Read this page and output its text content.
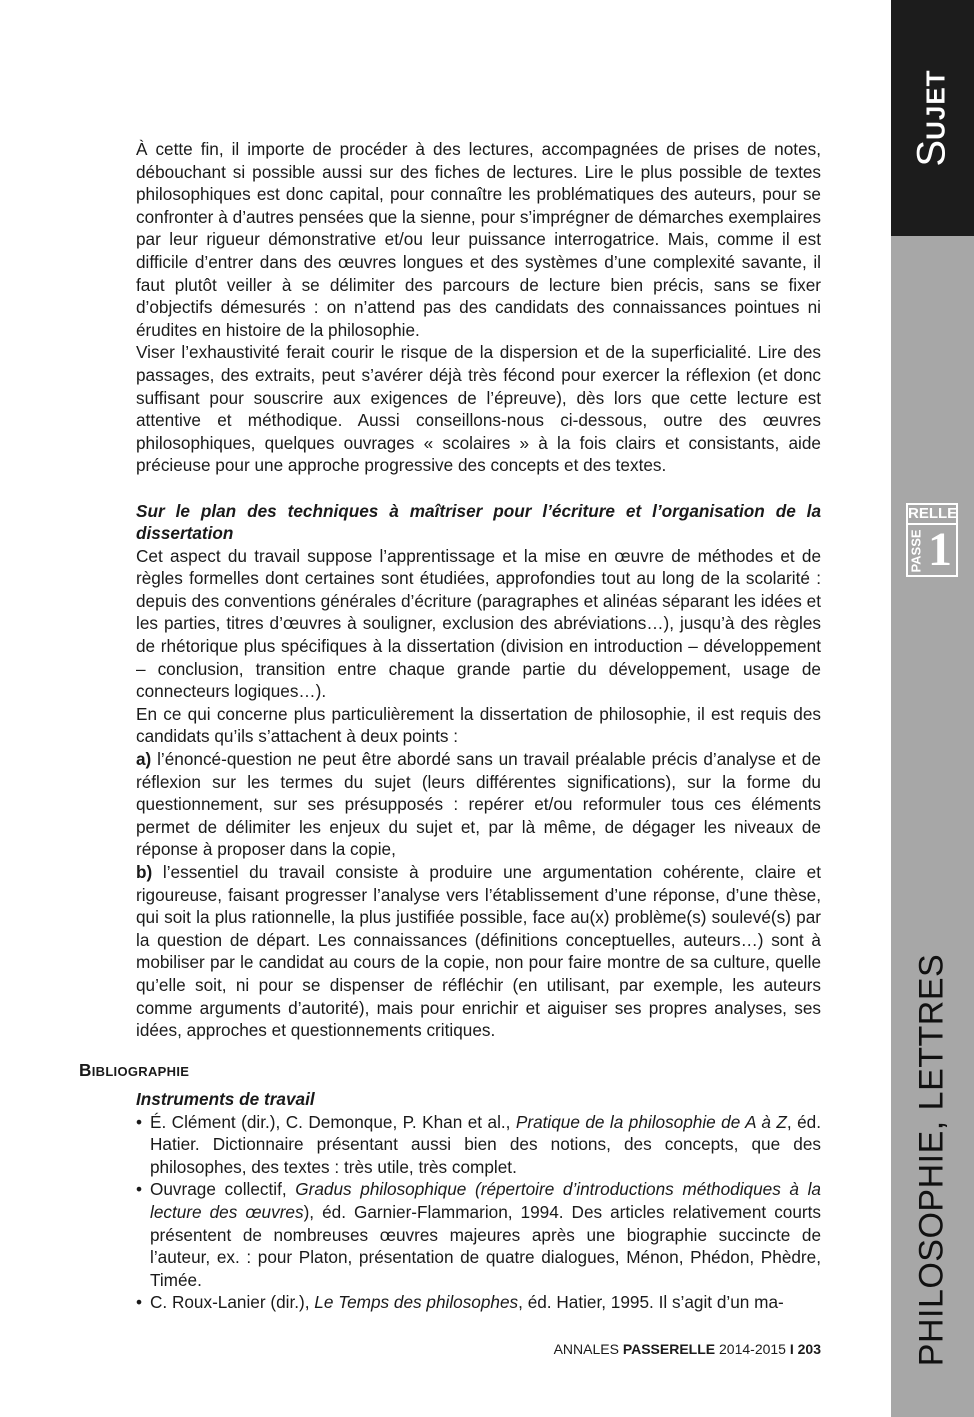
SUJET
RELLE
PASSE 1
PHILOSOPHIE, LETTRES

À cette fin, il importe de procéder à des lectures, accompagnées de prises de notes, débouchant si possible aussi sur des fiches de lectures. Lire le plus possible de textes philosophiques est donc capital, pour connaître les problématiques des auteurs, pour se confronter à d’autres pensées que la sienne, pour s’imprégner de démarches exemplaires par leur rigueur démonstrative et/ou leur puissance interrogatrice. Mais, comme il est difficile d’entrer dans des œuvres longues et des systèmes d’une complexité savante, il faut plutôt veiller à se délimiter des parcours de lecture bien précis, sans se fixer d’objectifs démesurés : on n’attend pas des candidats des connaissances pointues ni érudites en histoire de la philosophie.

Viser l’exhaustivité ferait courir le risque de la dispersion et de la superficialité. Lire des passages, des extraits, peut s’avérer déjà très fécond pour exercer la réflexion (et donc suffisant pour souscrire aux exigences de l’épreuve), dès lors que cette lecture est attentive et méthodique. Aussi conseillons-nous ci-dessous, outre des œuvres philosophiques, quelques ouvrages « scolaires » à la fois clairs et consistants, aide précieuse pour une approche progressive des concepts et des textes.

Sur le plan des techniques à maîtriser pour l’écriture et l’organisation de la dissertation

Cet aspect du travail suppose l’apprentissage et la mise en œuvre de méthodes et de règles formelles dont certaines sont étudiées, approfondies tout au long de la scolarité : depuis des conventions générales d’écriture (paragraphes et alinéas séparant les idées et les parties, titres d’œuvres à souligner, exclusion des abréviations…), jusqu’à des règles de rhétorique plus spécifiques à la dissertation (division en introduction – développement – conclusion, transition entre chaque grande partie du développement, usage de connecteurs logiques…).

En ce qui concerne plus particulièrement la dissertation de philosophie, il est requis des candidats qu’ils s’attachent à deux points :

a) l’énoncé-question ne peut être abordé sans un travail préalable précis d’analyse et de réflexion sur les termes du sujet (leurs différentes significations), sur la forme du questionnement, sur ses présupposés : repérer et/ou reformuler tous ces éléments permet de délimiter les enjeux du sujet et, par là même, de dégager les niveaux de réponse à proposer dans la copie,

b) l’essentiel du travail consiste à produire une argumentation cohérente, claire et rigoureuse, faisant progresser l’analyse vers l’établissement d’une réponse, d’une thèse, qui soit la plus rationnelle, la plus justifiée possible, face au(x) problème(s) soulevé(s) par la question de départ. Les connaissances (définitions conceptuelles, auteurs…) sont à mobiliser par le candidat au cours de la copie, non pour faire montre de sa culture, quelle qu’elle soit, ni pour se dispenser de réfléchir (en utilisant, par exemple, les auteurs comme arguments d’autorité), mais pour enrichir et aiguiser ses propres analyses, ses idées, approches et questionnements critiques.

BIBLIOGRAPHIE
Instruments de travail
• É. Clément (dir.), C. Demonque, P. Khan et al., Pratique de la philosophie de A à Z, éd. Hatier. Dictionnaire présentant aussi bien des notions, des concepts, que des philosophes, des textes : très utile, très complet.
• Ouvrage collectif, Gradus philosophique (répertoire d’introductions méthodiques à la lecture des œuvres), éd. Garnier-Flammarion, 1994. Des articles relativement courts présentent de nombreuses œuvres majeures après une biographie succincte de l’auteur, ex. : pour Platon, présentation de quatre dialogues, Ménon, Phédon, Phèdre, Timée.
• C. Roux-Lanier (dir.), Le Temps des philosophes, éd. Hatier, 1995. Il s’agit d’un ma-
ANNALES PASSERELLE 2014-2015 I 203
